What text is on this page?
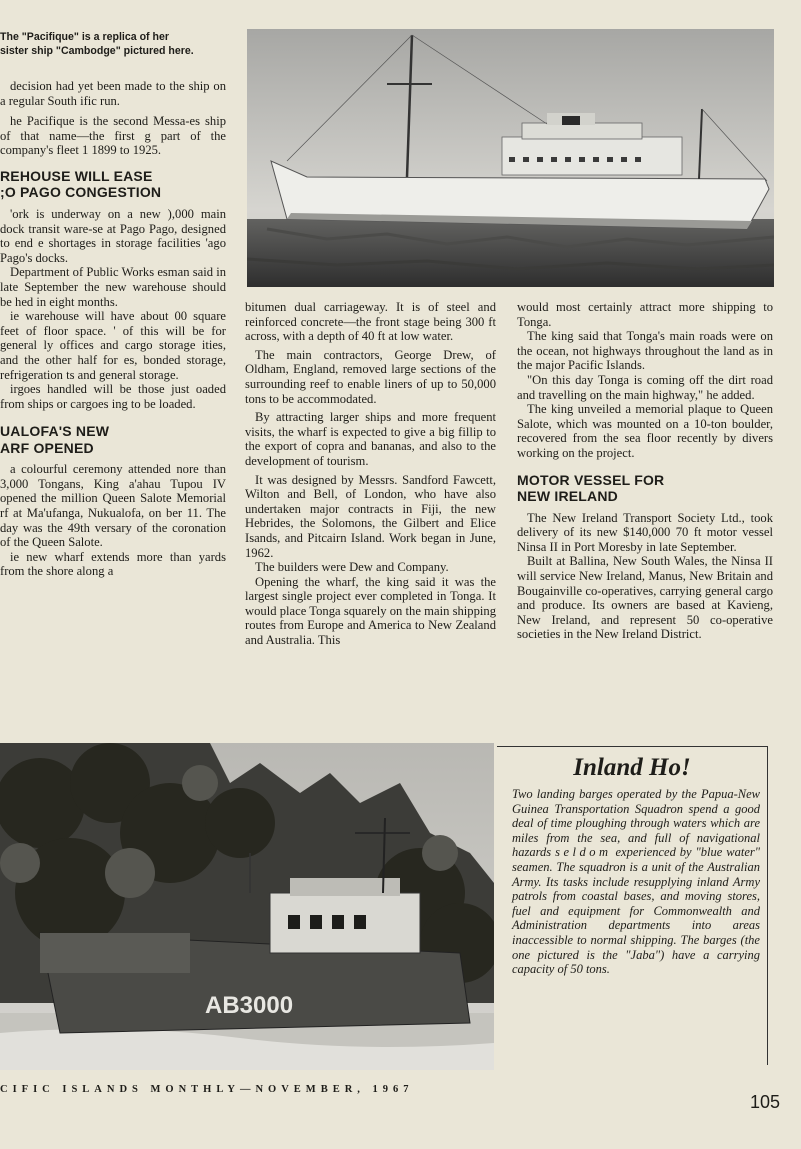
The "Pacifique" is a replica of her
sister ship "Cambodge" pictured here.

decision had yet been made to the ship on a regular South ific run.

he Pacifique is the second Messa-es ship of that name—the first g part of the company's fleet 1 1899 to 1925.

REHOUSE WILL EASE
;O PAGO CONGESTION

'ork is underway on a new ),000 main dock transit ware-se at Pago Pago, designed to end e shortages in storage facilities 'ago Pago's docks.

Department of Public Works esman said in late September the new warehouse should be hed in eight months.

ie warehouse will have about 00 square feet of floor space. ' of this will be for general ly offices and cargo storage ities, and the other half for es, bonded storage, refrigeration ts and general storage.

irgoes handled will be those just oaded from ships or cargoes ing to be loaded.

UALOFA'S NEW
ARF OPENED

a colourful ceremony attended nore than 3,000 Tongans, King a'ahau Tupou IV opened the million Queen Salote Memorial rf at Ma'ufanga, Nukualofa, on ber 11. The day was the 49th versary of the coronation of the Queen Salote.

ie new wharf extends more than yards from the shore along a

bitumen dual carriageway. It is of steel and reinforced concrete—the front stage being 300 ft across, with a depth of 40 ft at low water.

The main contractors, George Drew, of Oldham, England, removed large sections of the surrounding reef to enable liners of up to 50,000 tons to be accommodated.

By attracting larger ships and more frequent visits, the wharf is expected to give a big fillip to the export of copra and bananas, and also to the development of tourism.

It was designed by Messrs. Sandford Fawcett, Wilton and Bell, of London, who have also undertaken major contracts in Fiji, the new Hebrides, the Solomons, the Gilbert and Elice Isands, and Pitcairn Island. Work began in June, 1962.

The builders were Dew and Company.

Opening the wharf, the king said it was the largest single project ever completed in Tonga. It would place Tonga squarely on the main shipping routes from Europe and America to New Zealand and Australia. This

would most certainly attract more shipping to Tonga.

The king said that Tonga's main roads were on the ocean, not highways throughout the land as in the major Pacific Islands.

"On this day Tonga is coming off the dirt road and travelling on the main highway," he added.

The king unveiled a memorial plaque to Queen Salote, which was mounted on a 10-ton boulder, recovered from the sea floor recently by divers working on the project.

MOTOR VESSEL FOR
NEW IRELAND

The New Ireland Transport Society Ltd., took delivery of its new $140,000 70 ft motor vessel Ninsa II in Port Moresby in late September.

Built at Ballina, New South Wales, the Ninsa II will service New Ireland, Manus, New Britain and Bougainville co-operatives, carrying general cargo and produce. Its owners are based at Kavieng, New Ireland, and represent 50 co-operative societies in the New Ireland District.

AB3000
Inland Ho!
Two landing barges operated by the Papua-New Guinea Transportation Squadron spend a good deal of time ploughing through waters which are miles from the sea, and full of navigational hazards seldom experienced by "blue water" seamen. The squadron is a unit of the Australian Army. Its tasks include resupplying inland Army patrols from coastal bases, and moving stores, fuel and equipment for Commonwealth and Administration departments into areas inaccessible to normal shipping. The barges (the one pictured is the "Jaba") have a carrying capacity of 50 tons.
CIFIC ISLANDS MONTHLY—NOVEMBER, 1967
105
